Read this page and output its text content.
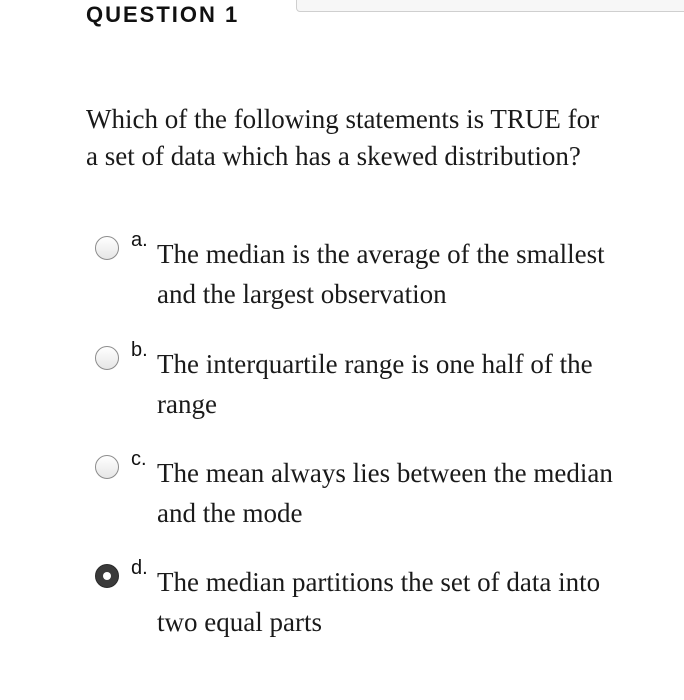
QUESTION 1
Which of the following statements is TRUE for a set of data which has a skewed distribution?
a. The median is the average of the smallest and the largest observation
b. The interquartile range is one half of the range
c. The mean always lies between the median and the mode
d. The median partitions the set of data into two equal parts
